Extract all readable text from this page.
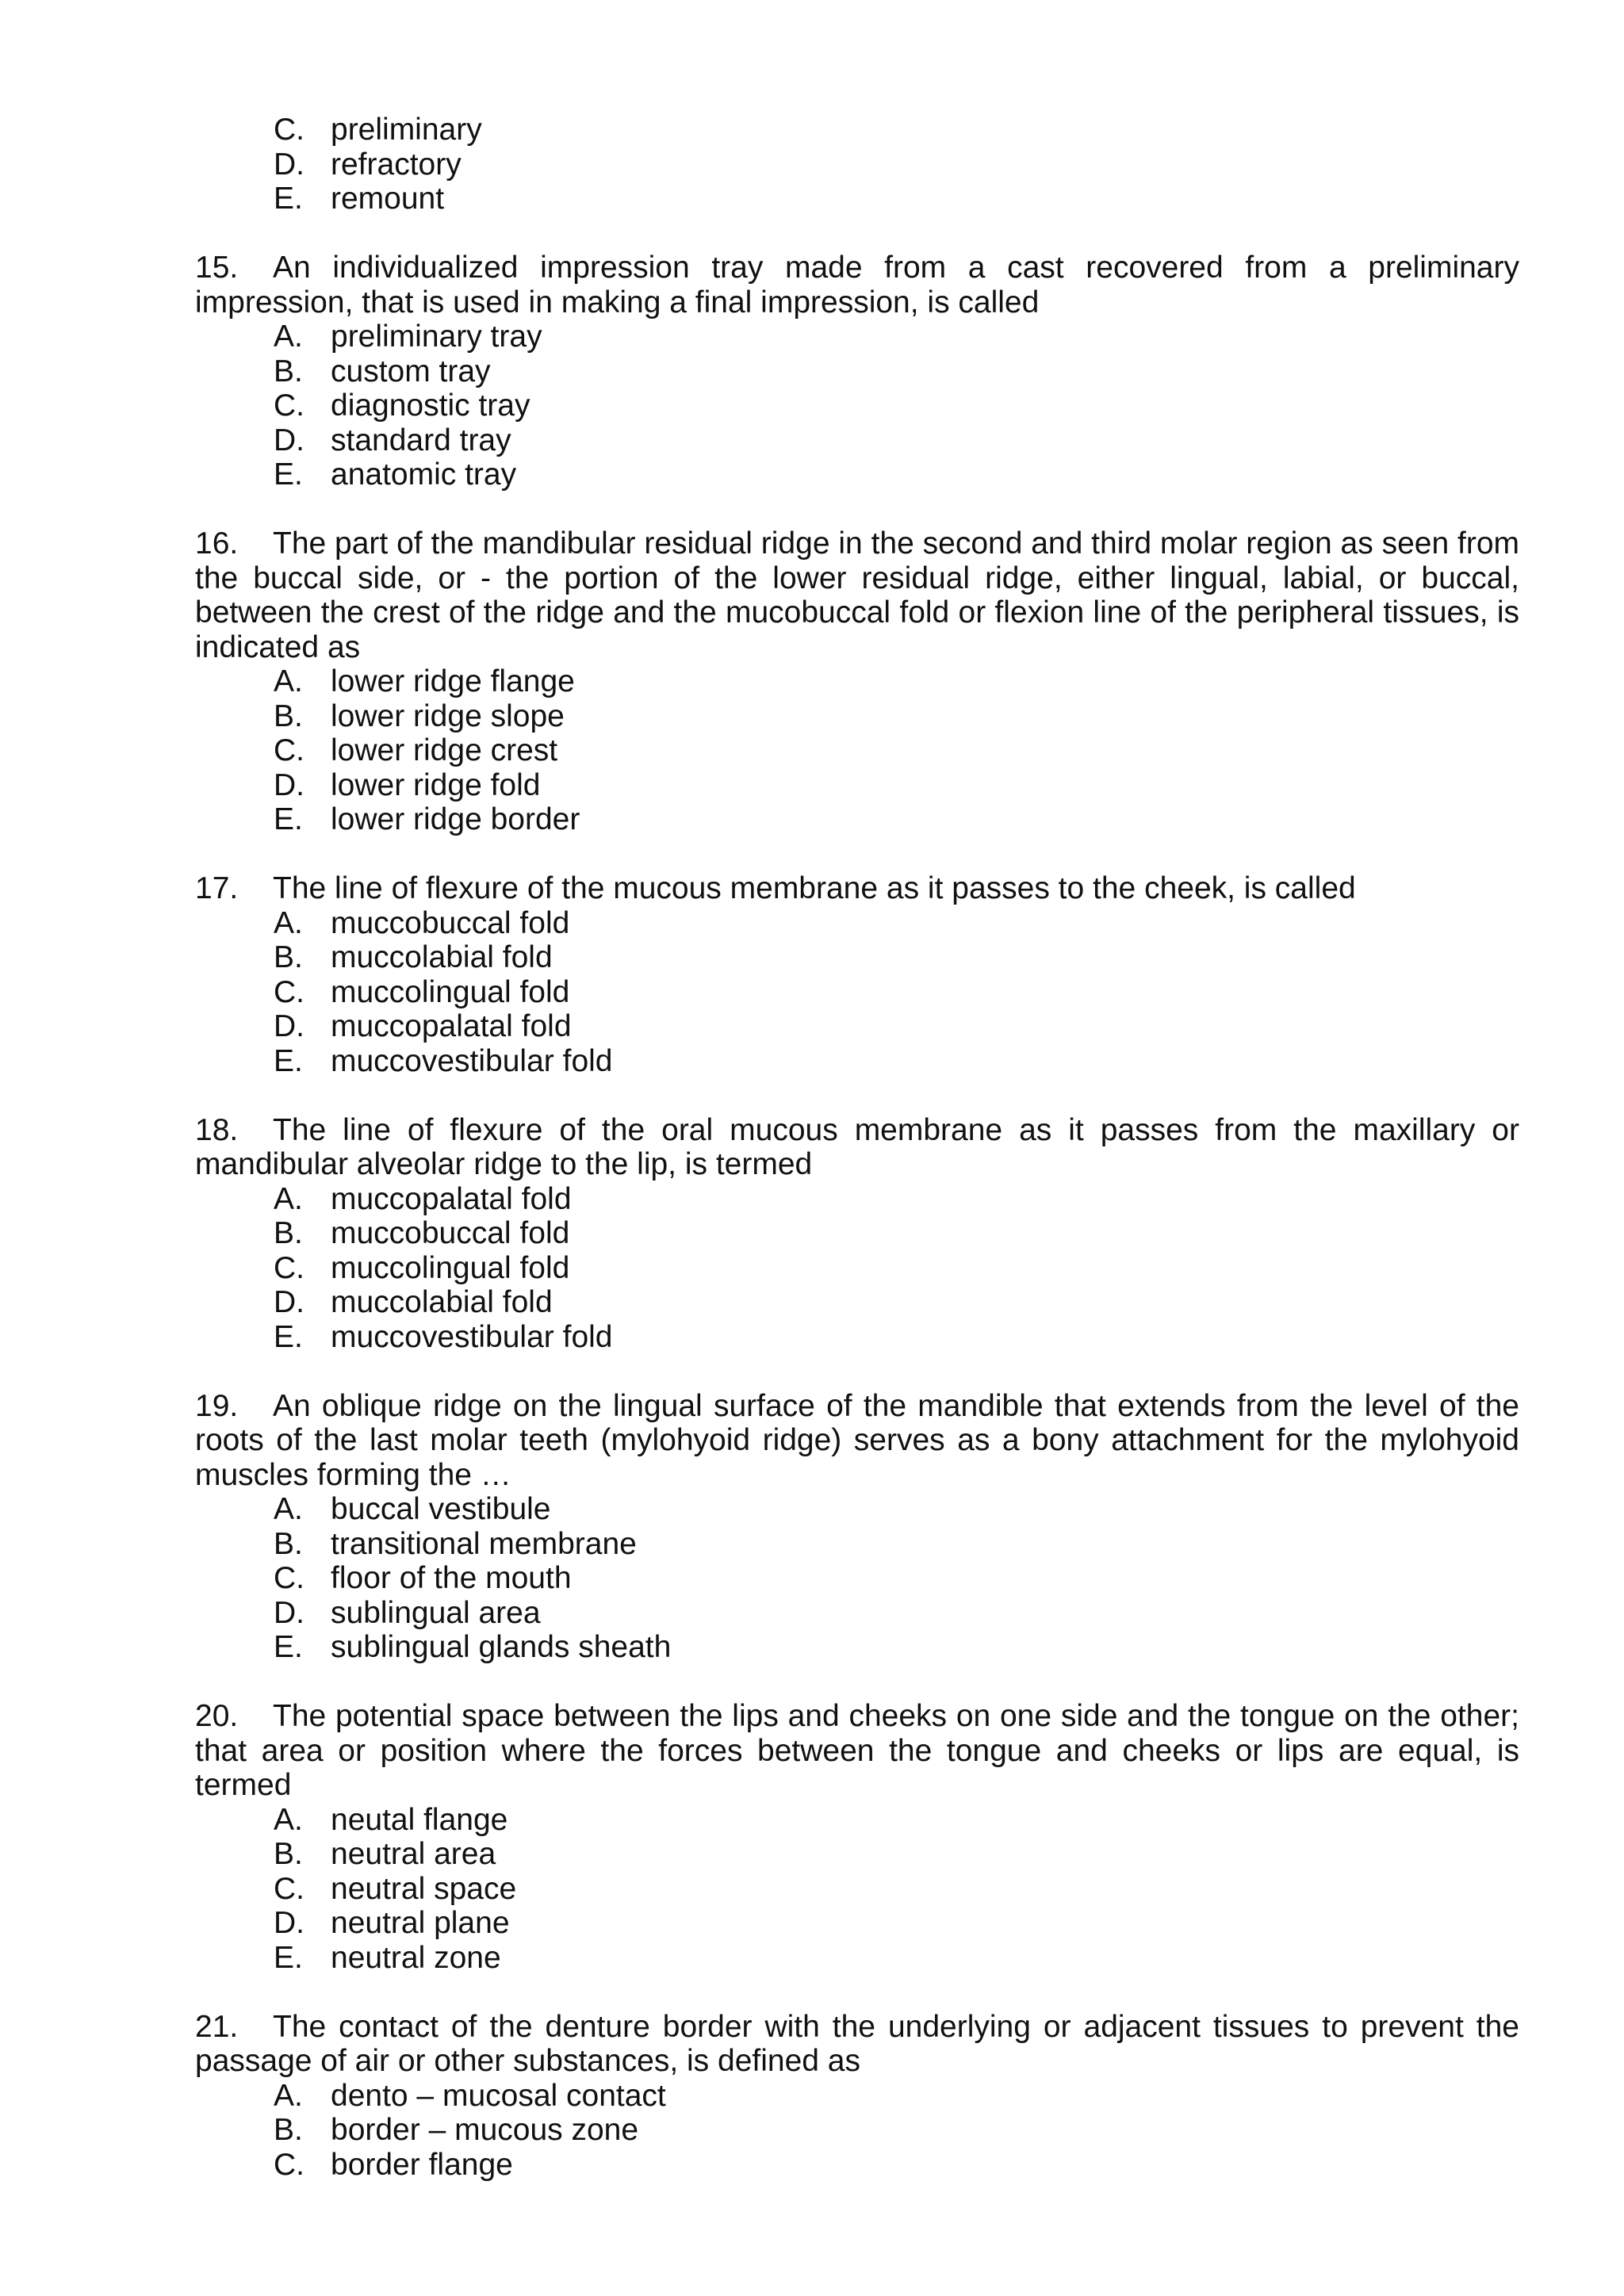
C. preliminary
D. refractory
E. remount

15. An individualized impression tray made from a cast recovered from a preliminary impression, that is used in making a final impression, is called

A. preliminary tray
B. custom tray
C. diagnostic tray
D. standard tray
E. anatomic tray

16. The part of the mandibular residual ridge in the second and third molar region as seen from the buccal side, or - the portion of the lower residual ridge, either lingual, labial, or buccal, between the crest of the ridge and the mucobuccal fold or flexion line of the peripheral tissues, is indicated as

A. lower ridge flange
B. lower ridge slope
C. lower ridge crest
D. lower ridge fold
E. lower ridge border

17. The line of flexure of the mucous membrane as it passes to the cheek, is called

A. muccobuccal fold
B. muccolabial fold
C. muccolingual fold
D. muccopalatal fold
E. muccovestibular fold

18. The line of flexure of the oral mucous membrane as it passes from the maxillary or mandibular alveolar ridge to the lip, is termed

A. muccopalatal fold
B. muccobuccal fold
C. muccolingual fold
D. muccolabial fold
E. muccovestibular fold

19. An oblique ridge on the lingual surface of the mandible that extends from the level of the roots of the last molar teeth (mylohyoid ridge) serves as a bony attachment for the mylohyoid muscles forming the …

A. buccal vestibule
B. transitional membrane
C. floor of the mouth
D. sublingual area
E. sublingual glands sheath

20. The potential space between the lips and cheeks on one side and the tongue on the other; that area or position where the forces between the tongue and cheeks or lips are equal, is termed

A. neutal flange
B. neutral area
C. neutral space
D. neutral plane
E. neutral zone

21. The contact of the denture border with the underlying or adjacent tissues to prevent the passage of air or other substances, is defined as

A. dento – mucosal contact
B. border – mucous zone
C. border flange
